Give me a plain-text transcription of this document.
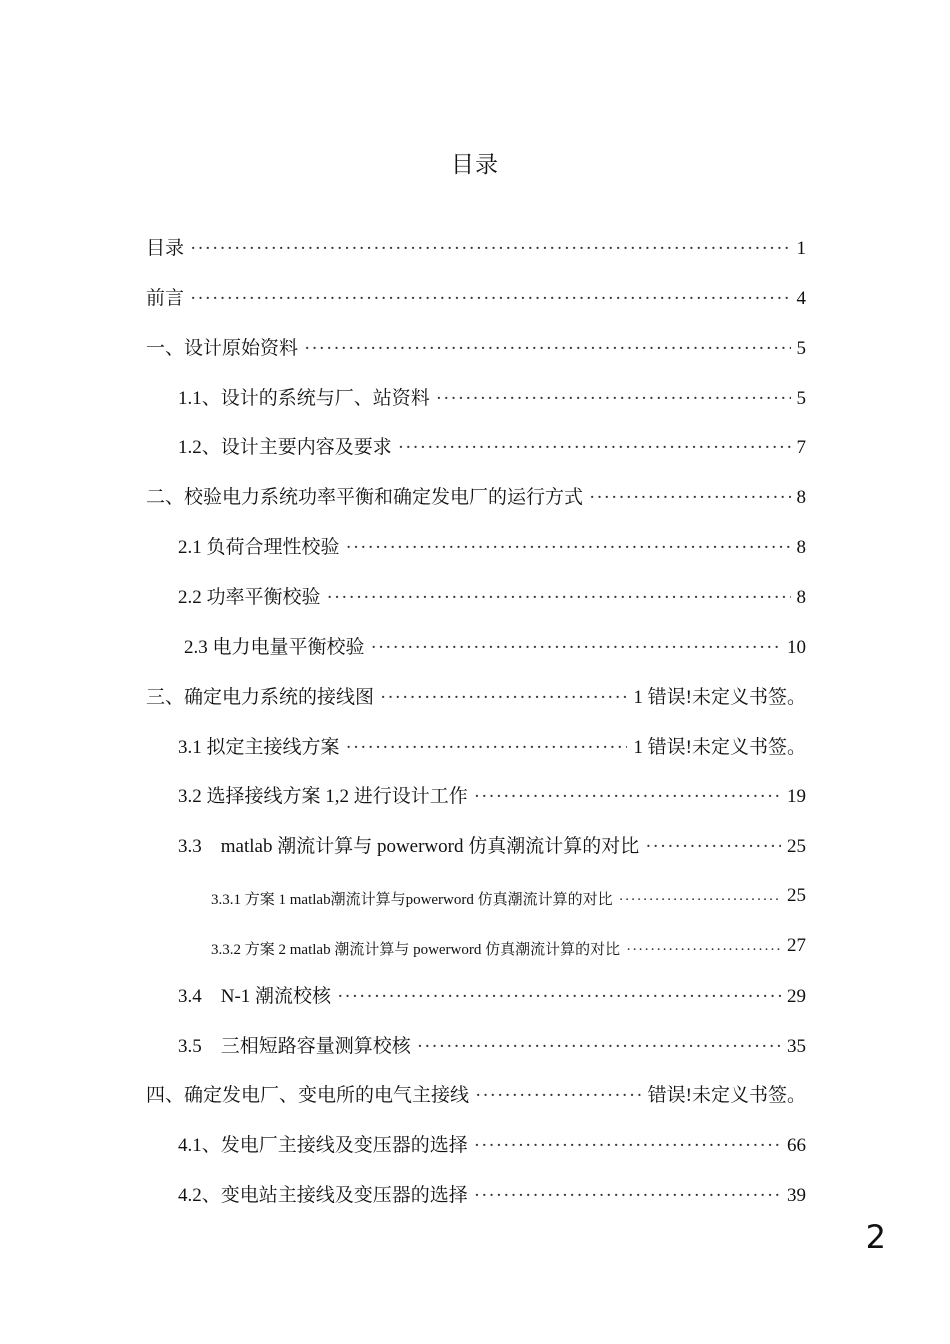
目录
目录 ·····	1
前言 ·····	4
一、设计原始资料 ·····	5
1.1、设计的系统与厂、站资料 ·····	5
1.2、设计主要内容及要求 ·····	7
二、校验电力系统功率平衡和确定发电厂的运行方式 ·····	8
2.1 负荷合理性校验 ·····	8
2.2 功率平衡校验 ·····	8
2.3 电力电量平衡校验 ·····	10
三、确定电力系统的接线图 ·····	1 错误!未定义书签。
3.1 拟定主接线方案 ·····	1 错误!未定义书签。
3.2 选择接线方案 1,2 进行设计工作 ·····	19
3.3　matlab 潮流计算与 powerword 仿真潮流计算的对比 ·····	25
3.3.1 方案 1 matlab潮流计算与powerword 仿真潮流计算的对比 ·····	25
3.3.2 方案 2 matlab 潮流计算与 powerword 仿真潮流计算的对比 ·····	27
3.4　N-1 潮流校核 ·····	29
3.5　三相短路容量测算校核 ·····	35
四、确定发电厂、变电所的电气主接线 ·····	错误!未定义书签。
4.1、发电厂主接线及变压器的选择 ·····	66
4.2、变电站主接线及变压器的选择 ·····	39
2
